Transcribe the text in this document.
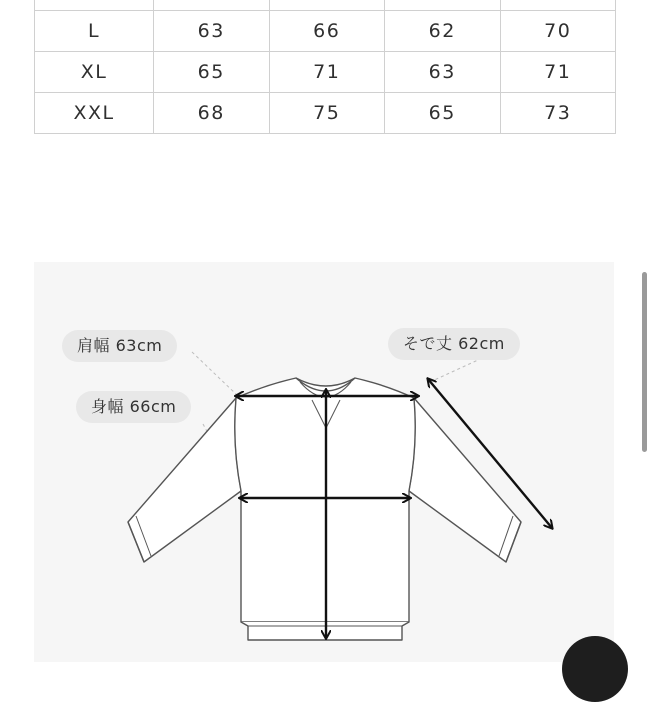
L	63	66	62	70
XL	65	71	63	71
XXL	68	75	65	73
肩幅 63cm	そで丈 62cm
身幅 66cm
